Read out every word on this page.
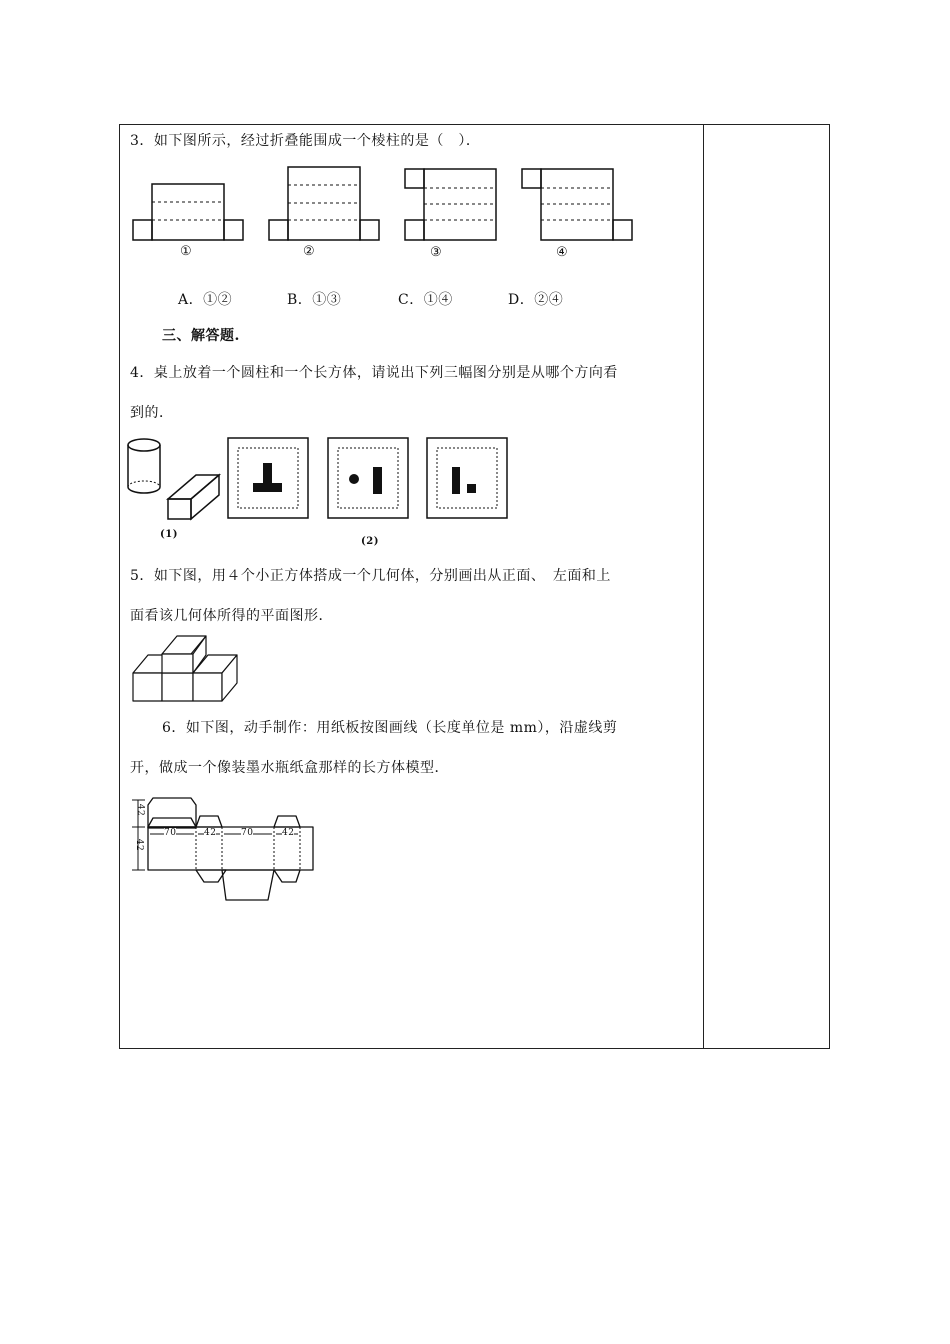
3．如下图所示，经过折叠能围成一个棱柱的是（　）．
①	②	③	④
A．①②	B．①③	C．①④	D．②④
三、解答题.
4．桌上放着一个圆柱和一个长方体，请说出下列三幅图分别是从哪个方向看
到的．
(1)
(2)
5．如下图，用４个小正方体搭成一个几何体，分别画出从正面、　左面和上
面看该几何体所得的平面图形．
6．如下图，动手制作：用纸板按图画线（长度单位是 mm），沿虚线剪
开，做成一个像装墨水瓶纸盒那样的长方体模型．
42
42
70	42	70	42
